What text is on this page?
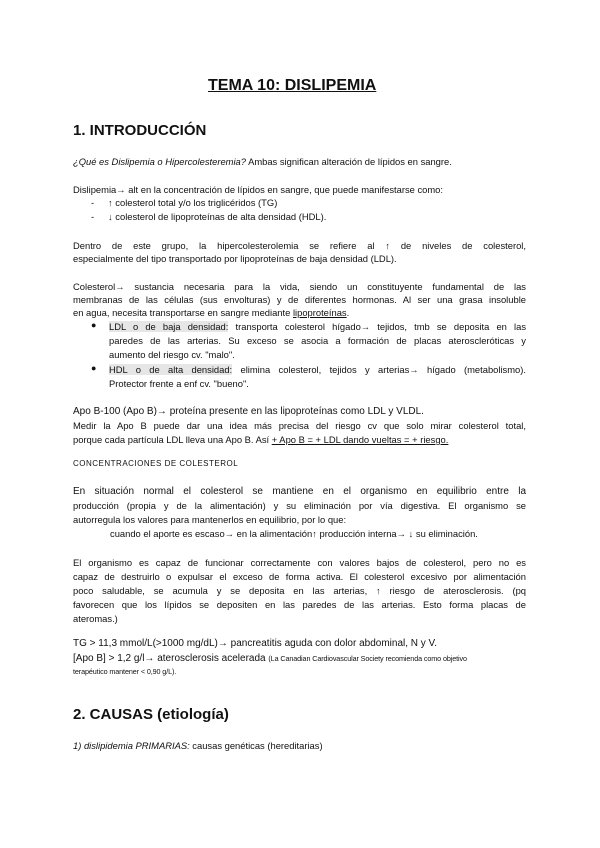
TEMA 10: DISLIPEMIA
1. INTRODUCCIÓN
¿Qué es Dislipemia o Hipercolesteremia? Ambas significan alteración de lípidos en sangre.
Dislipemia→ alt en la concentración de lípidos en sangre, que puede manifestarse como:
- ↑ colesterol total y/o los triglicéridos (TG)
- ↓ colesterol de lipoproteínas de alta densidad (HDL).
Dentro de este grupo, la hipercolesterolemia se refiere al ↑ de niveles de colesterol,
especialmente del tipo transportado por lipoproteínas de baja densidad (LDL).
Colesterol→ sustancia necesaria para la vida, siendo un constituyente fundamental de las
membranas de las células (sus envolturas) y de diferentes hormonas. Al ser una grasa insoluble
en agua, necesita transportarse en sangre mediante lipoproteínas.
● LDL o de baja densidad: transporta colesterol hígado→ tejidos, tmb se deposita en las
paredes de las arterias. Su exceso se asocia a formación de placas ateroscleróticas y
aumento del riesgo cv. "malo".
● HDL o de alta densidad: elimina colesterol, tejidos y arterias→ hígado (metabolismo).
Protector frente a enf cv. "bueno".
Apo B-100 (Apo B)→ proteína presente en las lipoproteínas como LDL y VLDL.
Medir la Apo B puede dar una idea más precisa del riesgo cv que solo mirar colesterol total,
porque cada partícula LDL lleva una Apo B. Así + Apo B = + LDL dando vueltas = + riesgo.
CONCENTRACIONES DE COLESTEROL
En situación normal el colesterol se mantiene en el organismo en equilibrio entre la
producción (propia y de la alimentación) y su eliminación por vía digestiva. El organismo se
autorregula los valores para mantenerlos en equilibrio, por lo que:
cuando el aporte es escaso→ en la alimentación↑ producción interna→ ↓ su eliminación.
El organismo es capaz de funcionar correctamente con valores bajos de colesterol, pero no es
capaz de destruirlo o expulsar el exceso de forma activa. El colesterol excesivo por alimentación
poco saludable, se acumula y se deposita en las arterias, ↑ riesgo de aterosclerosis. (pq
favorecen que los lípidos se depositen en las paredes de las arterias. Esto forma placas de
ateromas.)
TG > 11,3 mmol/L(>1000 mg/dL)→ pancreatitis aguda con dolor abdominal, N y V.
[Apo B] > 1,2 g/l→ aterosclerosis acelerada (La Canadian Cardiovascular Society recomienda como objetivo
terapéutico mantener < 0,90 g/L).
2. CAUSAS (etiología)
1) dislipidemia PRIMARIAS: causas genéticas (hereditarias)
